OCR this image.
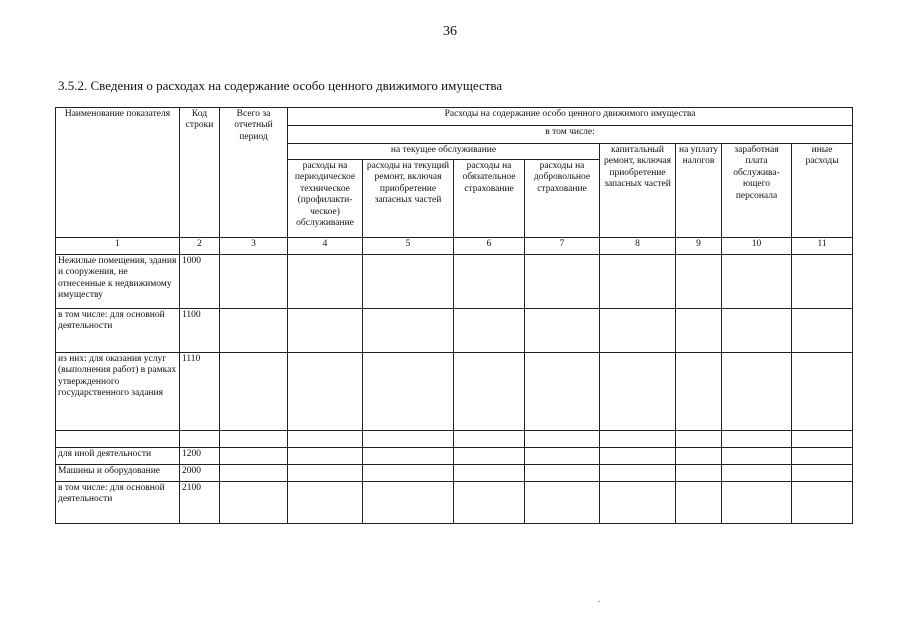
36
3.5.2. Сведения о расходах на содержание особо ценного движимого имущества
Наименование показателя	Код строки	Всего за отчетный период	Расходы на содержание особо ценного движимого имущества							
			в том числе:							
			на текущее обслуживание				капитальный ремонт, включая приобретение запасных частей	на уплату налогов	заработная плата обслужива-ющего персонала	иные расходы
			расходы на периодическое техническое (профилакти-ческое) обслуживание	расходы на текущий ремонт, включая приобретение запасных частей	расходы на обязательное страхование	расходы на добровольное страхование				
1	2	3	4	5	6	7	8	9	10	11
Нежилые помещения, здания и сооружения, не отнесенные к недвижимому имуществу	1000									
в том числе: для основной деятельности	1100									
из них: для оказания услуг (выполнения работ) в рамках утвержденного государственного задания	1110									

для иной деятельности	1200									
Машины и оборудование	2000									
в том числе: для основной деятельности	2100									
